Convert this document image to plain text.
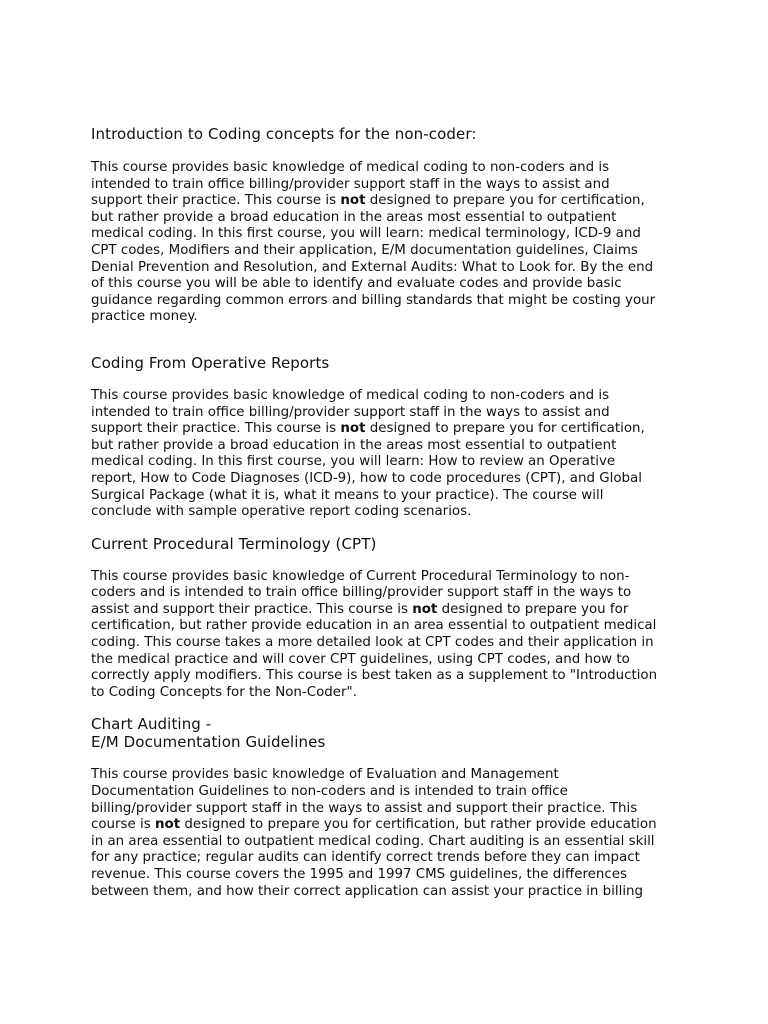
Introduction to Coding concepts for the non-coder:

This course provides basic knowledge of medical coding to non-coders and is
intended to train office billing/provider support staff in the ways to assist and
support their practice. This course is not designed to prepare you for certification,
but rather provide a broad education in the areas most essential to outpatient
medical coding. In this first course, you will learn: medical terminology, ICD-9 and
CPT codes, Modifiers and their application, E/M documentation guidelines, Claims
Denial Prevention and Resolution, and External Audits: What to Look for. By the end
of this course you will be able to identify and evaluate codes and provide basic
guidance regarding common errors and billing standards that might be costing your
practice money.

Coding From Operative Reports

This course provides basic knowledge of medical coding to non-coders and is
intended to train office billing/provider support staff in the ways to assist and
support their practice. This course is not designed to prepare you for certification,
but rather provide a broad education in the areas most essential to outpatient
medical coding. In this first course, you will learn: How to review an Operative
report, How to Code Diagnoses (ICD-9), how to code procedures (CPT), and Global
Surgical Package (what it is, what it means to your practice). The course will
conclude with sample operative report coding scenarios.

Current Procedural Terminology (CPT)

This course provides basic knowledge of Current Procedural Terminology to non-
coders and is intended to train office billing/provider support staff in the ways to
assist and support their practice. This course is not designed to prepare you for
certification, but rather provide education in an area essential to outpatient medical
coding. This course takes a more detailed look at CPT codes and their application in
the medical practice and will cover CPT guidelines, using CPT codes, and how to
correctly apply modifiers. This course is best taken as a supplement to "Introduction
to Coding Concepts for the Non-Coder".

Chart Auditing -
E/M Documentation Guidelines

This course provides basic knowledge of Evaluation and Management
Documentation Guidelines to non-coders and is intended to train office
billing/provider support staff in the ways to assist and support their practice. This
course is not designed to prepare you for certification, but rather provide education
in an area essential to outpatient medical coding. Chart auditing is an essential skill
for any practice; regular audits can identify correct trends before they can impact
revenue. This course covers the 1995 and 1997 CMS guidelines, the differences
between them, and how their correct application can assist your practice in billing
